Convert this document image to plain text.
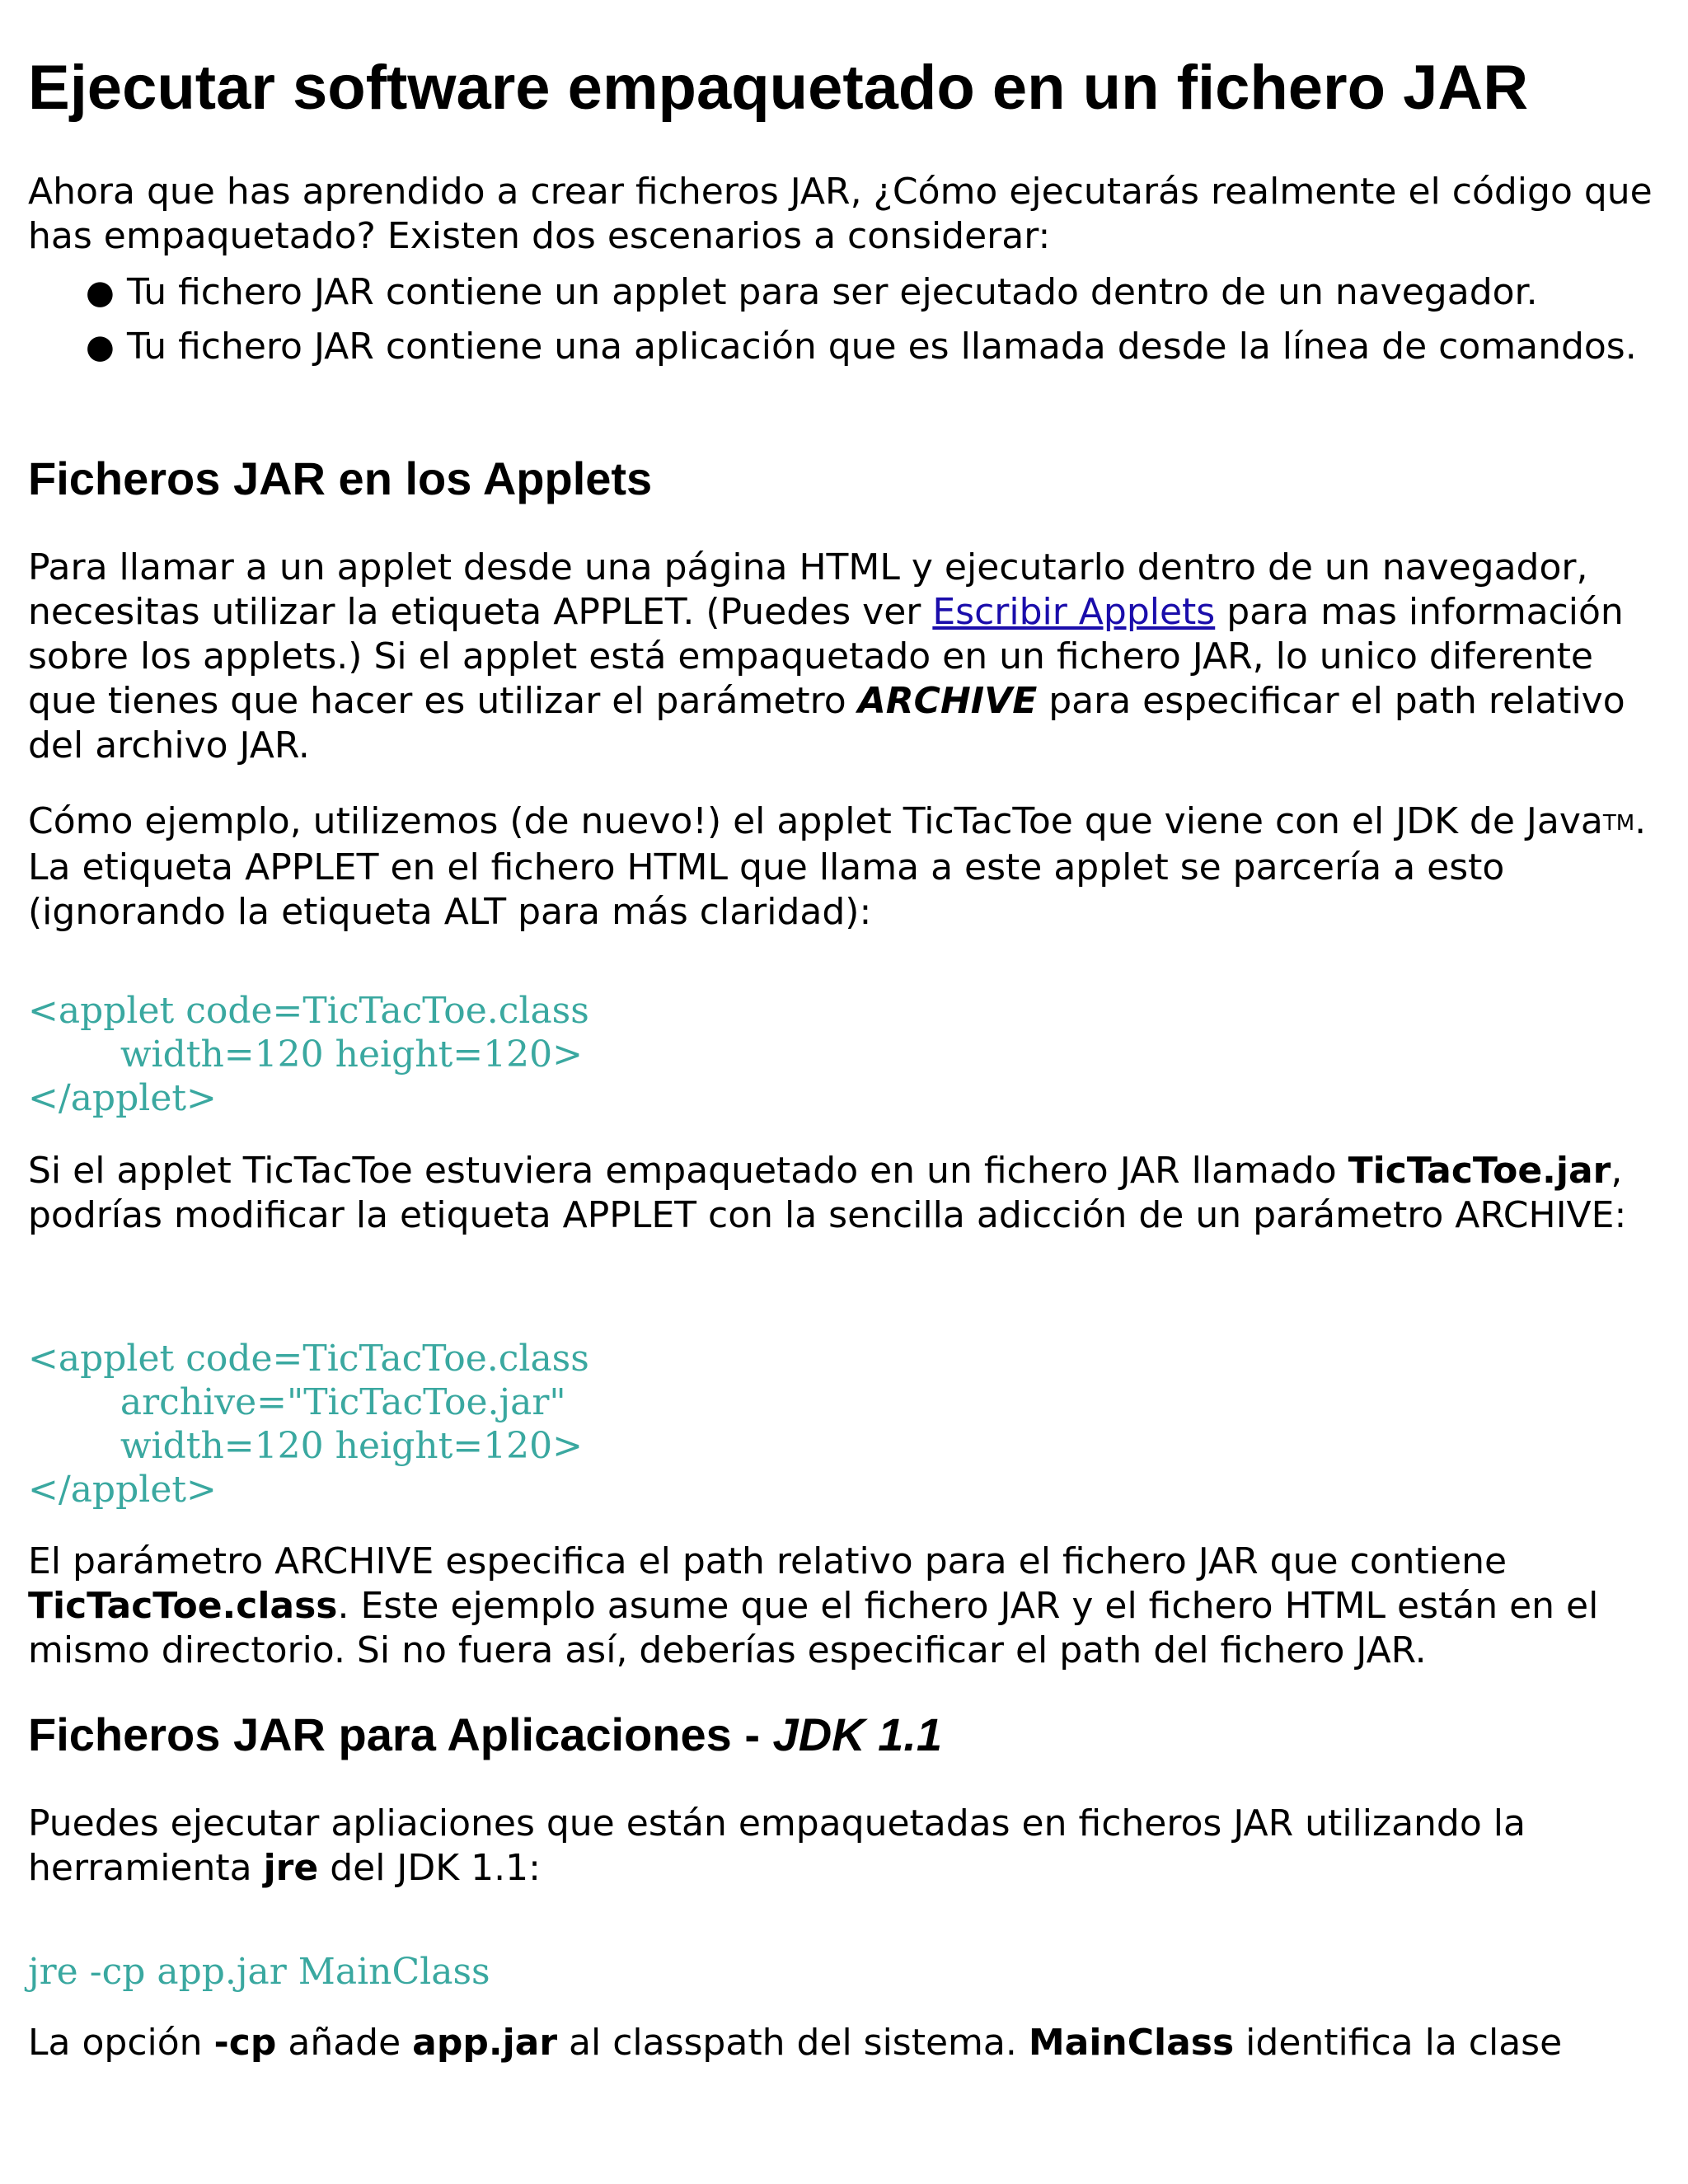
Ejecutar software empaquetado en un fichero JAR

Ahora que has aprendido a crear ficheros JAR, ¿Cómo ejecutarás realmente el código que has empaquetado? Existen dos escenarios a considerar:

● Tu fichero JAR contiene un applet para ser ejecutado dentro de un navegador.
● Tu fichero JAR contiene una aplicación que es llamada desde la línea de comandos.
Ficheros JAR en los Applets

Para llamar a un applet desde una página HTML y ejecutarlo dentro de un navegador, necesitas utilizar la etiqueta APPLET. (Puedes ver Escribir Applets para mas información sobre los applets.) Si el applet está empaquetado en un fichero JAR, lo unico diferente que tienes que hacer es utilizar el parámetro ARCHIVE para especificar el path relativo del archivo JAR.

Cómo ejemplo, utilizemos (de nuevo!) el applet TicTacToe que viene con el JDK de JavaTM. La etiqueta APPLET en el fichero HTML que llama a este applet se parcería a esto (ignorando la etiqueta ALT para más claridad):

<applet code=TicTacToe.class
width=120 height=120>
</applet>

Si el applet TicTacToe estuviera empaquetado en un fichero JAR llamado TicTacToe.jar, podrías modificar la etiqueta APPLET con la sencilla adicción de un parámetro ARCHIVE:

<applet code=TicTacToe.class
archive="TicTacToe.jar"
width=120 height=120>
</applet>

El parámetro ARCHIVE especifica el path relativo para el fichero JAR que contiene TicTacToe.class. Este ejemplo asume que el fichero JAR y el fichero HTML están en el mismo directorio. Si no fuera así, deberías especificar el path del fichero JAR.

Ficheros JAR para Aplicaciones - JDK 1.1

Puedes ejecutar apliaciones que están empaquetadas en ficheros JAR utilizando la herramienta jre del JDK 1.1:

jre -cp app.jar MainClass

La opción -cp añade app.jar al classpath del sistema. MainClass identifica la clase
